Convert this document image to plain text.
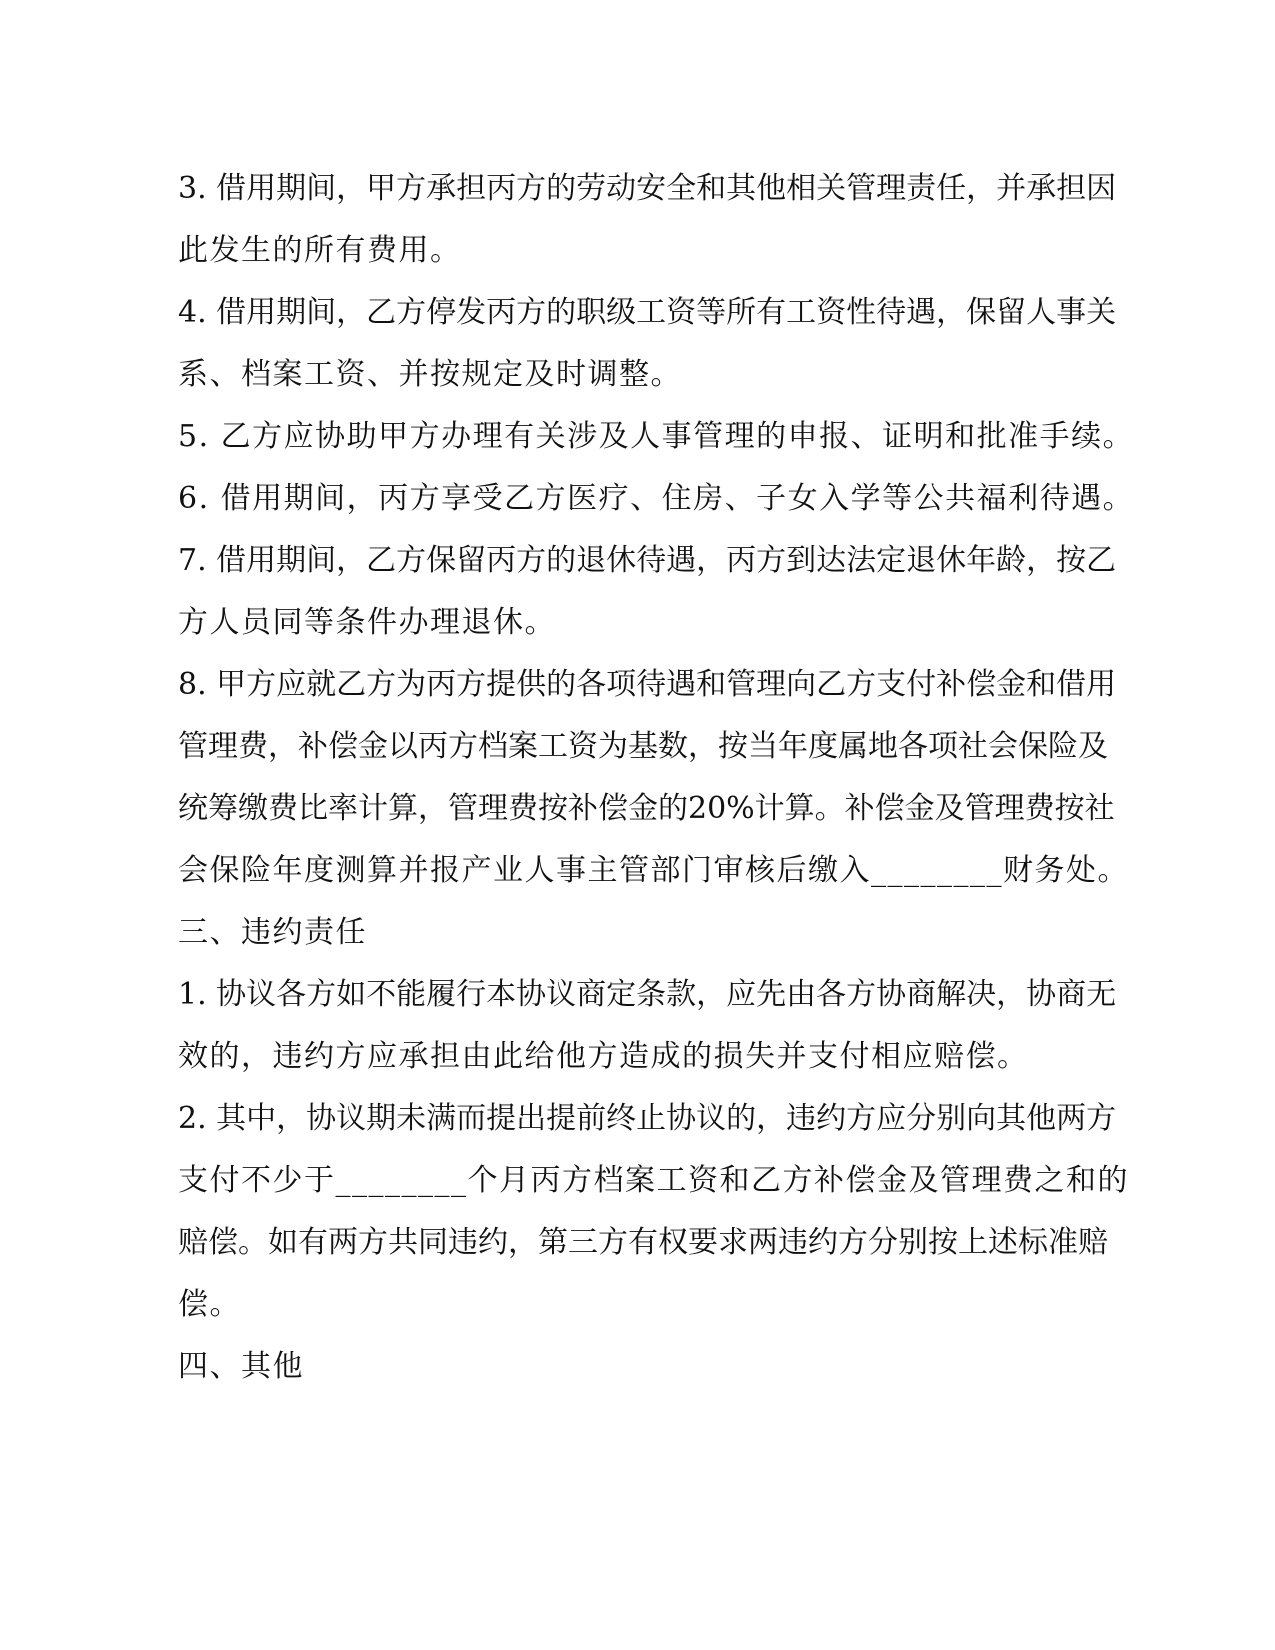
3. 借用期间，甲方承担丙方的劳动安全和其他相关管理责任，并承担因
此发生的所有费用。
4. 借用期间，乙方停发丙方的职级工资等所有工资性待遇，保留人事关
系、档案工资、并按规定及时调整。
5. 乙方应协助甲方办理有关涉及人事管理的申报、证明和批准手续。
6. 借用期间，丙方享受乙方医疗、住房、子女入学等公共福利待遇。
7. 借用期间，乙方保留丙方的退休待遇，丙方到达法定退休年龄，按乙
方人员同等条件办理退休。
8. 甲方应就乙方为丙方提供的各项待遇和管理向乙方支付补偿金和借用
管理费，补偿金以丙方档案工资为基数，按当年度属地各项社会保险及
统筹缴费比率计算，管理费按补偿金的20%计算。补偿金及管理费按社
会保险年度测算并报产业人事主管部门审核后缴入________财务处。
三、违约责任
1. 协议各方如不能履行本协议商定条款，应先由各方协商解决，协商无
效的，违约方应承担由此给他方造成的损失并支付相应赔偿。
2. 其中，协议期未满而提出提前终止协议的，违约方应分别向其他两方
支付不少于________个月丙方档案工资和乙方补偿金及管理费之和的
赔偿。如有两方共同违约，第三方有权要求两违约方分别按上述标准赔
偿。
四、其他
